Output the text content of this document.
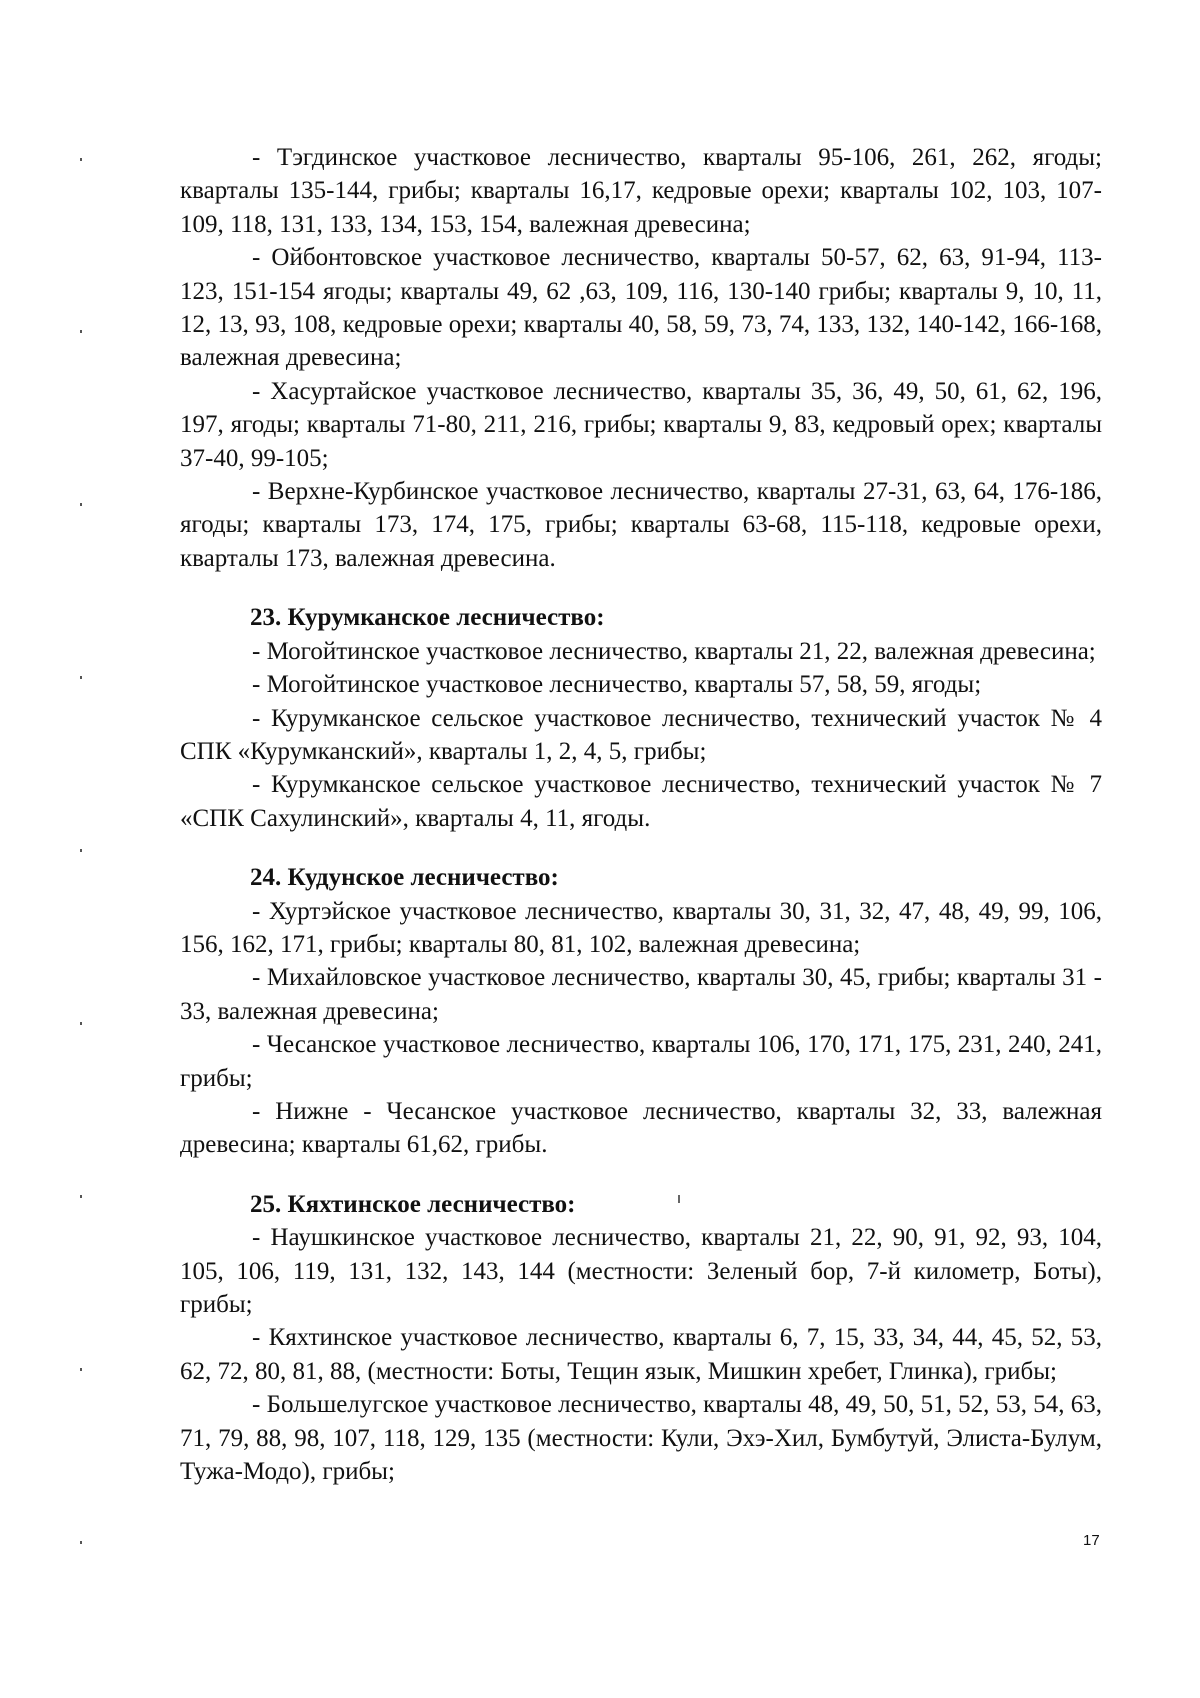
- Тэгдинское участковое лесничество, кварталы 95-106, 261, 262, ягоды; кварталы 135-144, грибы; кварталы 16,17, кедровые орехи; кварталы 102, 103, 107-109, 118, 131, 133, 134, 153, 154, валежная древесина;

- Ойбонтовское участковое лесничество, кварталы 50-57, 62, 63, 91-94, 113-123, 151-154 ягоды; кварталы 49, 62 ,63, 109, 116, 130-140 грибы; кварталы 9, 10, 11, 12, 13, 93, 108, кедровые орехи; кварталы 40, 58, 59, 73, 74, 133, 132, 140-142, 166-168, валежная древесина;

- Хасуртайское участковое лесничество, кварталы 35, 36, 49, 50, 61, 62, 196, 197, ягоды; кварталы 71-80, 211, 216, грибы; кварталы 9, 83, кедровый орех; кварталы 37-40, 99-105;

- Верхне-Курбинское участковое лесничество, кварталы 27-31, 63, 64, 176-186, ягоды; кварталы 173, 174, 175, грибы; кварталы 63-68, 115-118, кедровые орехи, кварталы 173, валежная древесина.

23. Курумканское лесничество:

- Могойтинское участковое лесничество, кварталы 21, 22, валежная древесина;

- Могойтинское участковое лесничество, кварталы 57, 58, 59, ягоды;

- Курумканское сельское участковое лесничество, технический участок № 4 СПК «Курумканский», кварталы 1, 2, 4, 5, грибы;

- Курумканское сельское участковое лесничество, технический участок № 7 «СПК Сахулинский», кварталы 4, 11, ягоды.

24. Кудунское лесничество:

- Хуртэйское участковое лесничество, кварталы 30, 31, 32, 47, 48, 49, 99, 106, 156, 162, 171, грибы; кварталы 80, 81, 102, валежная древесина;

- Михайловское участковое лесничество, кварталы 30, 45, грибы; кварталы 31 - 33, валежная древесина;

- Чесанское участковое лесничество, кварталы 106, 170, 171, 175, 231, 240, 241, грибы;

- Нижне - Чесанское участковое лесничество, кварталы 32, 33, валежная древесина; кварталы 61,62, грибы.

25. Кяхтинское лесничество:

- Наушкинское участковое лесничество, кварталы 21, 22, 90, 91, 92, 93, 104, 105, 106, 119, 131, 132, 143, 144 (местности: Зеленый бор, 7-й километр, Боты), грибы;

- Кяхтинское участковое лесничество, кварталы 6, 7, 15, 33, 34, 44, 45, 52, 53, 62, 72, 80, 81, 88, (местности: Боты, Тещин язык, Мишкин хребет, Глинка), грибы;

- Большелугское участковое лесничество, кварталы 48, 49, 50, 51, 52, 53, 54, 63, 71, 79, 88, 98, 107, 118, 129, 135 (местности: Кули, Эхэ-Хил, Бумбутуй, Элиста-Булум, Тужа-Модо), грибы;

17
